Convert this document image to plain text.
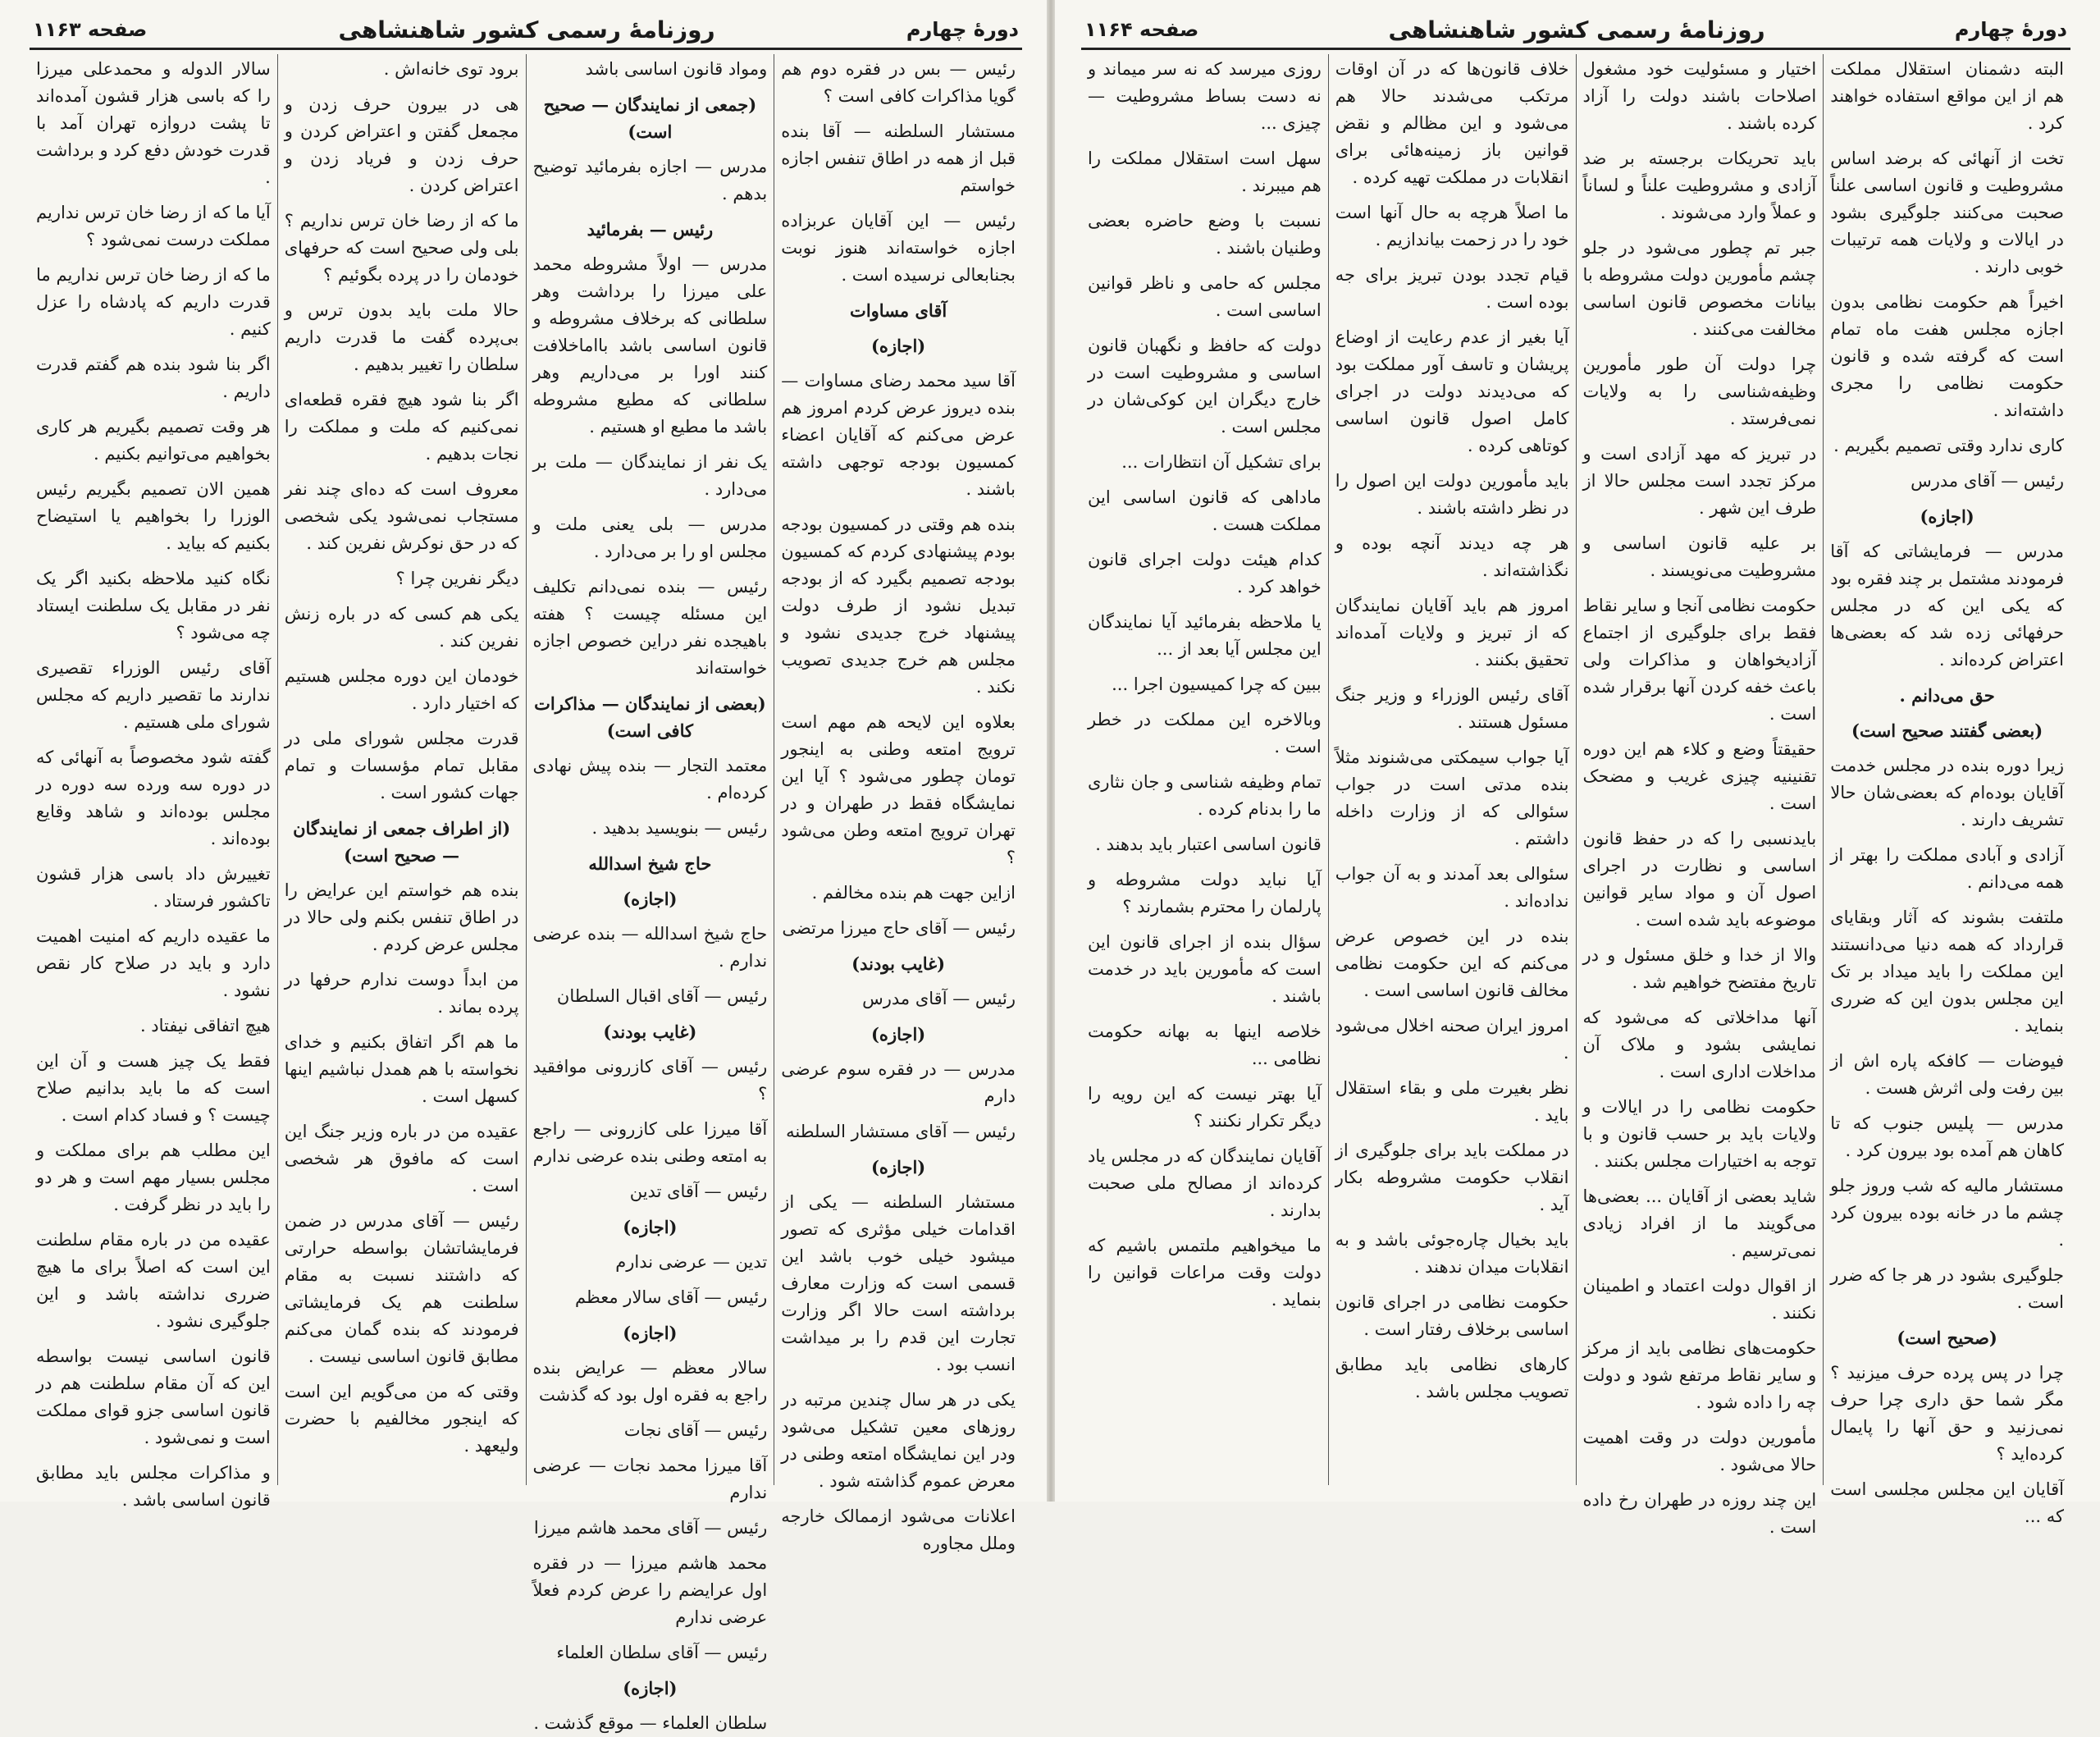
دورهٔ چهارم
روزنامهٔ رسمی کشور شاهنشاهی
صفحه ۱۱۶۳

رئیس — بس در فقره دوم هم گویا مذاکرات کافی است ؟

مستشار السلطنه — آقا بنده قبل از همه در اطاق تنفس اجازه خواستم

رئیس — این آقایان عربزاده اجازه خواسته‌اند هنوز نوبت بجنابعالی نرسیده است .

آقای مساوات

(اجازه)

آقا سید محمد رضای مساوات — بنده دیروز عرض کردم امروز هم عرض می‌کنم که آقایان اعضاء کمسیون بودجه توجهی داشته باشند .

بنده هم وقتی در کمسیون بودجه بودم پیشنهادی کردم که کمسیون بودجه تصمیم بگیرد که از بودجه تبدیل نشود از طرف دولت پیشنهاد خرج جدیدی نشود و مجلس هم خرج جدیدی تصویب نکند .

بعلاوه این لایحه هم مهم است ترویج امتعه وطنی به اینجور تومان چطور می‌شود ؟ آیا این نمایشگاه فقط در طهران و در تهران ترویج امتعه وطن می‌شود ؟

ازاین جهت هم بنده مخالفم .

رئیس — آقای حاج میرزا مرتضی

(غایب بودند)

رئیس — آقای مدرس

(اجازه)

مدرس — در فقره سوم عرضی دارم

رئیس — آقای مستشار السلطنه

(اجازه)

مستشار السلطنه — یکی از اقدامات خیلی مؤثری که تصور میشود خیلی خوب باشد این قسمی است که وزارت معارف برداشته است حالا اگر وزارت تجارت این قدم را بر میداشت انسب بود .

یکی در هر سال چندین مرتبه در روزهای معین تشکیل می‌شود ودر این نمایشگاه امتعه وطنی در معرض عموم گذاشته شود .

اعلانات می‌شود ازممالک خارجه وملل مجاوره

ومواد قانون اساسی باشد

(جمعی از نمایندگان — صحیح است)

مدرس — اجازه بفرمائید توضیح بدهم .

رئیس — بفرمائید

مدرس — اولاً مشروطه محمد علی میرزا را برداشت وهر سلطانی که برخلاف مشروطه و قانون اساسی باشد بااماخلافت کنند اورا بر می‌داریم وهر سلطانی که مطیع مشروطه باشد ما مطیع او هستیم .

یک نفر از نمایندگان — ملت بر می‌دارد .

مدرس — بلی یعنی ملت و مجلس او را بر می‌دارد .

رئیس — بنده نمی‌دانم تکلیف این مسئله چیست ؟ هفته باهیجده نفر دراین خصوص اجازه خواسته‌اند

(بعضی از نمایندگان — مذاکرات کافی است)

معتمد التجار — بنده پیش نهادی کرده‌ام .

رئیس — بنویسید بدهید .

حاج شیخ اسدالله

(اجازه)

حاج شیخ اسدالله — بنده عرضی ندارم .

رئیس — آقای اقبال السلطان

(غایب بودند)

رئیس — آقای کازرونی موافقید ؟

آقا میرزا علی کازرونی — راجع به امتعه وطنی بنده عرضی ندارم

رئیس — آقای تدین

(اجازه)

تدین — عرضی ندارم

رئیس — آقای سالار معظم

(اجازه)

سالار معظم — عرایض بنده راجع به فقره اول بود که گذشت

رئیس — آقای نجات

آقا میرزا محمد نجات — عرضی ندارم

رئیس — آقای محمد هاشم میرزا

محمد هاشم میرزا — در فقره اول عرایضم را عرض کردم فعلاً عرضی ندارم

رئیس — آقای سلطان العلماء

(اجازه)

سلطان العلماء — موقع گذشت .

برود توی خانه‌اش .

هی در بیرون حرف زدن و مجمعل گفتن و اعتراض کردن و حرف زدن و فریاد زدن و اعتراض کردن .

ما که از رضا خان ترس نداریم ؟ بلی ولی صحیح است که حرفهای خودمان را در پرده بگوئیم ؟

حالا ملت باید بدون ترس و بی‌پرده گفت ما قدرت داریم سلطان را تغییر بدهیم .

اگر بنا شود هیچ فقره قطعه‌ای نمی‌کنیم که ملت و مملکت را نجات بدهیم .

معروف است که ده‌ای چند نفر مستجاب نمی‌شود یکی شخصی که در حق نوکرش نفرین کند .

دیگر نفرین چرا ؟

یکی هم کسی که در باره زنش نفرین کند .

خودمان این دوره مجلس هستیم که اختیار دارد .

قدرت مجلس شورای ملی در مقابل تمام مؤسسات و تمام جهات کشور است .

(از اطراف جمعی از نمایندگان — صحیح است)

بنده هم خواستم این عرایض را در اطاق تنفس بکنم ولی حالا در مجلس عرض کردم .

من ابداً دوست ندارم حرفها در پرده بماند .

ما هم اگر اتفاق بکنیم و خدای نخواسته با هم همدل نباشیم اینها کسهل است .

عقیده من در باره وزیر جنگ این است که مافوق هر شخصی است .

رئیس — آقای مدرس در ضمن فرمایشاتشان بواسطه حرارتی که داشتند نسبت به مقام سلطنت هم یک فرمایشاتی فرمودند که بنده گمان می‌کنم مطابق قانون اساسی نیست .

وقتی که من می‌گویم این است که اینجور مخالفیم با حضرت ولیعهد .

سالار الدوله و محمدعلی میرزا را که باسی هزار قشون آمده‌اند تا پشت دروازه تهران آمد با قدرت خودش دفع کرد و برداشت .

آیا ما که از رضا خان ترس نداریم مملکت درست نمی‌شود ؟

ما که از رضا خان ترس نداریم ما قدرت داریم که پادشاه را عزل کنیم .

اگر بنا شود بنده هم گفتم قدرت داریم .

هر وقت تصمیم بگیریم هر کاری بخواهیم می‌توانیم بکنیم .

همین الان تصمیم بگیریم رئیس الوزرا را بخواهیم یا استیضاح بکنیم که بیاید .

نگاه کنید ملاحظه بکنید اگر یک نفر در مقابل یک سلطنت ایستاد چه می‌شود ؟

آقای رئیس الوزراء تقصیری ندارند ما تقصیر داریم که مجلس شورای ملی هستیم .

گفته شود مخصوصاً به آنهائی که در دوره سه ورده سه دوره در مجلس بوده‌اند و شاهد وقایع بوده‌اند .

تغییرش داد باسی هزار قشون تاکشور فرستاد .

ما عقیده داریم که امنیت اهمیت دارد و باید در صلاح کار نقص نشود .

هیچ اتفاقی نیفتاد .

فقط یک چیز هست و آن این است که ما باید بدانیم صلاح چیست ؟ و فساد کدام است .

این مطلب هم برای مملکت و مجلس بسیار مهم است و هر دو را باید در نظر گرفت .

عقیده من در باره مقام سلطنت این است که اصلاً برای ما هیچ ضرری نداشته باشد و این جلوگیری نشود .

قانون اساسی نیست بواسطه این که آن مقام سلطنت هم در قانون اساسی جزو قوای مملکت است و نمی‌شود .

و مذاکرات مجلس باید مطابق قانون اساسی باشد .

دورهٔ چهارم
روزنامهٔ رسمی کشور شاهنشاهی
صفحه ۱۱۶۴

البته دشمنان استقلال مملکت هم از این مواقع استفاده خواهند کرد .

تخت از آنهائی که برضد اساس مشروطیت و قانون اساسی علناً صحبت می‌کنند جلوگیری بشود در ایالات و ولایات همه ترتیبات خوبی دارند .

اخیراً هم حکومت نظامی بدون اجازه مجلس هفت ماه تمام است که گرفته شده و قانون حکومت نظامی را مجری داشته‌اند .

کاری ندارد وقتی تصمیم بگیریم .

رئیس — آقای مدرس

(اجازه)

مدرس — فرمایشاتی که آقا فرمودند مشتمل بر چند فقره بود که یکی این که در مجلس حرفهائی زده شد که بعضی‌ها اعتراض کرده‌اند .

حق می‌دانم .

(بعضی گفتند صحیح است)

زیرا دوره بنده در مجلس خدمت آقایان بوده‌ام که بعضی‌شان حالا تشریف دارند .

آزادی و آبادی مملکت را بهتر از همه می‌دانم .

ملتفت بشوند که آثار وبقایای قرارداد که همه دنیا می‌دانستند این مملکت را باید میداد بر تک این مجلس بدون این که ضرری بنماید .

فیوضات — کافکه پاره اش از بین رفت ولی اثرش هست .

مدرس — پلیس جنوب که تا کاهان هم آمده بود بیرون کرد .

مستشار مالیه که شب وروز جلو چشم ما در خانه بوده بیرون کرد .

جلوگیری بشود در هر جا که ضرر است .

(صحیح است)

چرا در پس پرده حرف میزنید ؟ مگر شما حق داری چرا حرف نمی‌زنید و حق آنها را پایمال کرده‌اید ؟

آقایان این مجلس مجلسی است که ...

اختیار و مسئولیت خود مشغول اصلاحات باشند دولت را آزاد کرده باشند .

باید تحریکات برجسته بر ضد آزادی و مشروطیت علناً و لساناً و عملاً وارد می‌شوند .

جبر تم چطور می‌شود در جلو چشم مأمورین دولت مشروطه با بیانات مخصوص قانون اساسی مخالفت می‌کنند .

چرا دولت آن طور مأمورین وظیفه‌شناسی را به ولایات نمی‌فرستد .

در تبریز که مهد آزادی است و مرکز تجدد است مجلس حالا از طرف این شهر .

بر علیه قانون اساسی و مشروطیت می‌نویسند .

حکومت نظامی آنجا و سایر نقاط فقط برای جلوگیری از اجتماع آزادیخواهان و مذاکرات ولی باعث خفه کردن آنها برقرار شده است .

حقیقتاً وضع و کلاء هم این دوره تقنینیه چیزی غریب و مضحک است .

بایدنسبی را که در حفظ قانون اساسی و نظارت در اجرای اصول آن و مواد سایر قوانین موضوعه باید شده است .

والا از خدا و خلق مسئول و در تاریخ مفتضح خواهیم شد .

آنها مداخلاتی که می‌شود که نمایشی بشود و ملاک آن مداخلات اداری است .

حکومت نظامی را در ایالات و ولایات باید بر حسب قانون و با توجه به اختیارات مجلس بکنند .

شاید بعضی از آقایان ... بعضی‌ها می‌گویند ما از افراد زیادی نمی‌ترسیم .

از اقوال دولت اعتماد و اطمینان نکنند .

حکومت‌های نظامی باید از مرکز و سایر نقاط مرتفع شود و دولت چه را داده شود .

مأمورین دولت در وقت اهمیت حالا می‌شود .

این چند روزه در طهران رخ داده است .

خلاف قانون‌ها که در آن اوقات مرتکب می‌شدند حالا هم می‌شود و این مظالم و نقض قوانین باز زمینه‌هائی برای انقلابات در مملکت تهیه کرده .

ما اصلاً هرچه به حال آنها است خود را در زحمت بیاندازیم .

قیام تجدد بودن تبریز برای جه بوده است .

آیا بغیر از عدم رعایت از اوضاع پریشان و تاسف آور مملکت بود که می‌دیدند دولت در اجرای کامل اصول قانون اساسی کوتاهی کرده .

باید مأمورین دولت این اصول را در نظر داشته باشند .

هر چه دیدند آنچه بوده و نگذاشته‌اند .

امروز هم باید آقایان نمایندگان که از تبریز و ولایات آمده‌اند تحقیق بکنند .

آقای رئیس الوزراء و وزیر جنگ مسئول هستند .

آیا جواب سیمکتی می‌شنوند مثلاً بنده مدتی است در جواب سئوالی که از وزارت داخله داشتم .

سئوالی بعد آمدند و به آن جواب نداده‌اند .

بنده در این خصوص عرض می‌کنم که این حکومت نظامی مخالف قانون اساسی است .

امروز ایران صحنه اخلال می‌شود .

نظر بغیرت ملی و بقاء استقلال باید .

در مملکت باید برای جلوگیری از انقلاب حکومت مشروطه بکار آید .

باید بخیال چاره‌جوئی باشد و به انقلابات میدان ندهند .

حکومت نظامی در اجرای قانون اساسی برخلاف رفتار است .

کارهای نظامی باید مطابق تصویب مجلس باشد .

روزی میرسد که نه سر میماند و نه دست بساط مشروطیت — چیزی ...

سهل است استقلال مملکت را هم میبرند .

نسبت با وضع حاضره بعضی وطنیان باشند .

مجلس که حامی و ناظر قوانین اساسی است .

دولت که حافظ و نگهبان قانون اساسی و مشروطیت است در خارج دیگران این کوکی‌شان در مجلس است .

برای تشکیل آن انتظارات ...

ماداهی که قانون اساسی این مملکت هست .

کدام هیئت دولت اجرای قانون خواهد کرد .

یا ملاحظه بفرمائید آیا نمایندگان این مجلس آیا بعد از ...

ببین که چرا کمیسیون اجرا ...

وبالاخره این مملکت در خطر است .

تمام وظیفه شناسی و جان نثاری ما را بدنام کرده .

قانون اساسی اعتبار باید بدهند .

آیا نباید دولت مشروطه و پارلمان را محترم بشمارند ؟

سؤال بنده از اجرای قانون این است که مأمورین باید در خدمت باشند .

خلاصه اینها به بهانه حکومت نظامی ...

آیا بهتر نیست که این رویه را دیگر تکرار نکنند ؟

آقایان نمایندگان که در مجلس یاد کرده‌اند از مصالح ملی صحبت بدارند .

ما میخواهیم ملتمس باشیم که دولت وقت مراعات قوانین را بنماید .
